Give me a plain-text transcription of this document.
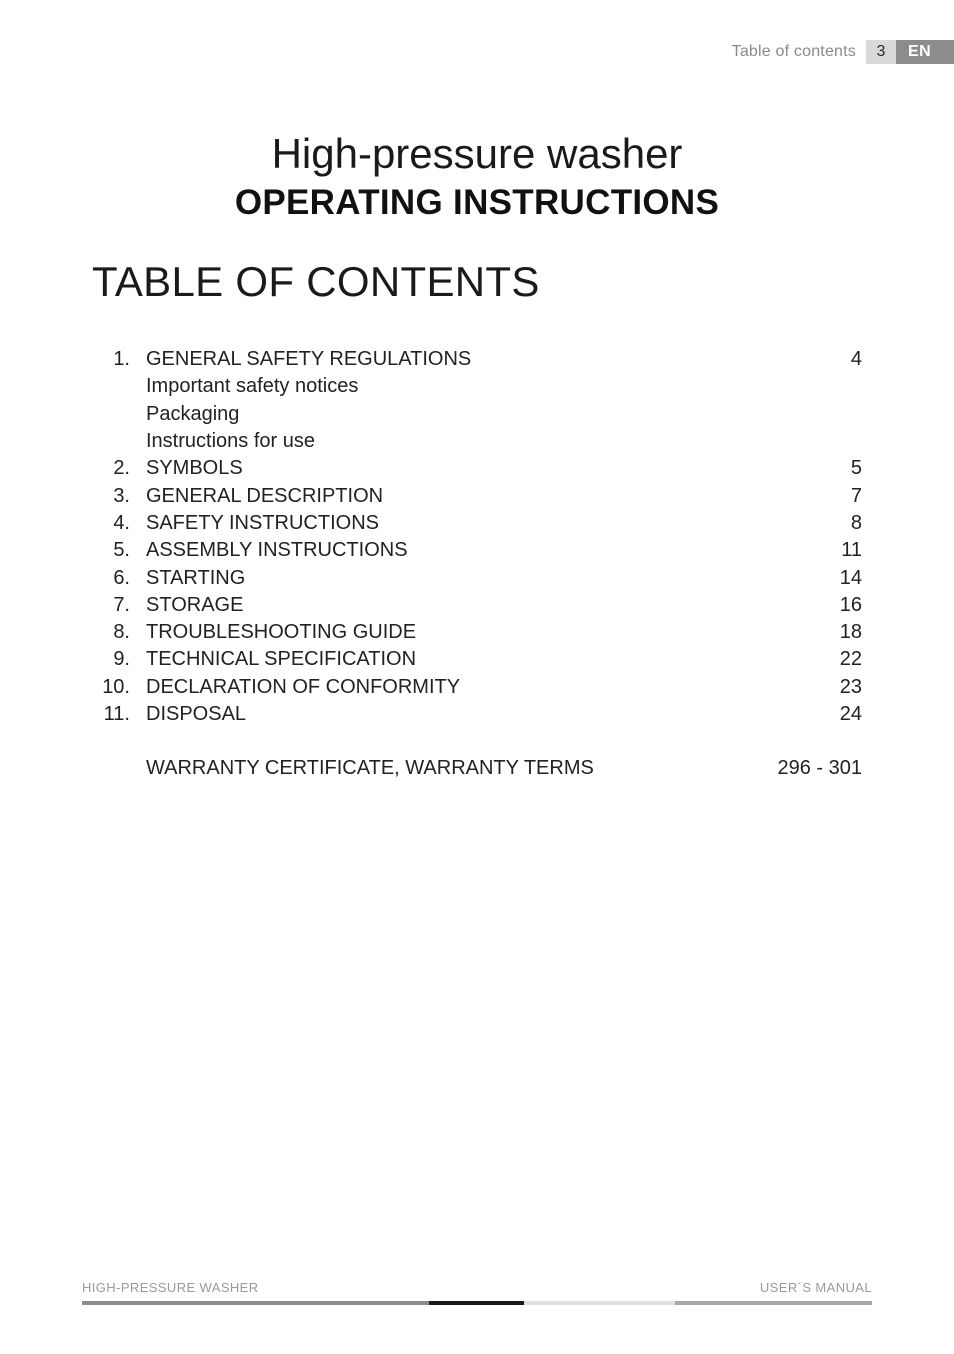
Table of contents	3	EN
High-pressure washer
OPERATING INSTRUCTIONS
TABLE OF CONTENTS
1. GENERAL SAFETY REGULATIONS	4
Important safety notices
Packaging
Instructions for use
2. SYMBOLS	5
3. GENERAL DESCRIPTION	7
4. SAFETY INSTRUCTIONS	8
5. ASSEMBLY INSTRUCTIONS	11
6. STARTING	14
7. STORAGE	16
8. TROUBLESHOOTING GUIDE	18
9. TECHNICAL SPECIFICATION	22
10. DECLARATION OF CONFORMITY	23
11. DISPOSAL	24
WARRANTY CERTIFICATE, WARRANTY TERMS	296 - 301
HIGH-PRESSURE WASHER	USER´S MANUAL
